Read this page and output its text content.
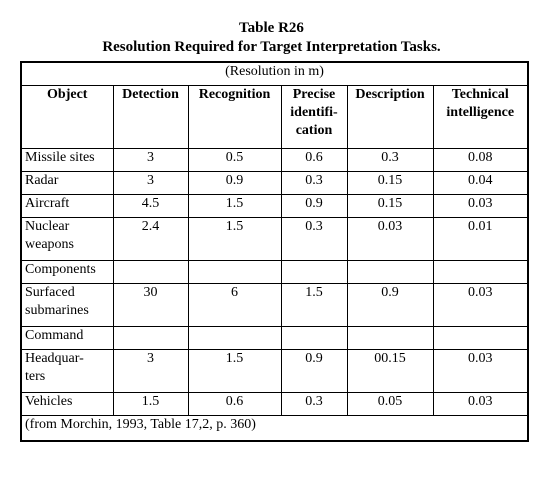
Table R26
Resolution Required for Target Interpretation Tasks.
(Resolution in m)					
Object	Detection	Recognition	Precise
identifi-
cation	Description	Technical
intelligence

Missile sites	3	0.5	0.6	0.3	0.08
Radar	3	0.9	0.3	0.15	0.04
Aircraft	4.5	1.5	0.9	0.15	0.03

Nuclear
weapons	2.4	1.5	0.3	0.03	0.01
Components					

Surfaced
submarines	30	6	1.5	0.9	0.03
Command					

Headquar-
ters	3	1.5	0.9	00.15	0.03
Vehicles	1.5	0.6	0.3	0.05	0.03
(from Morchin, 1993, Table 17,2, p. 360)					
